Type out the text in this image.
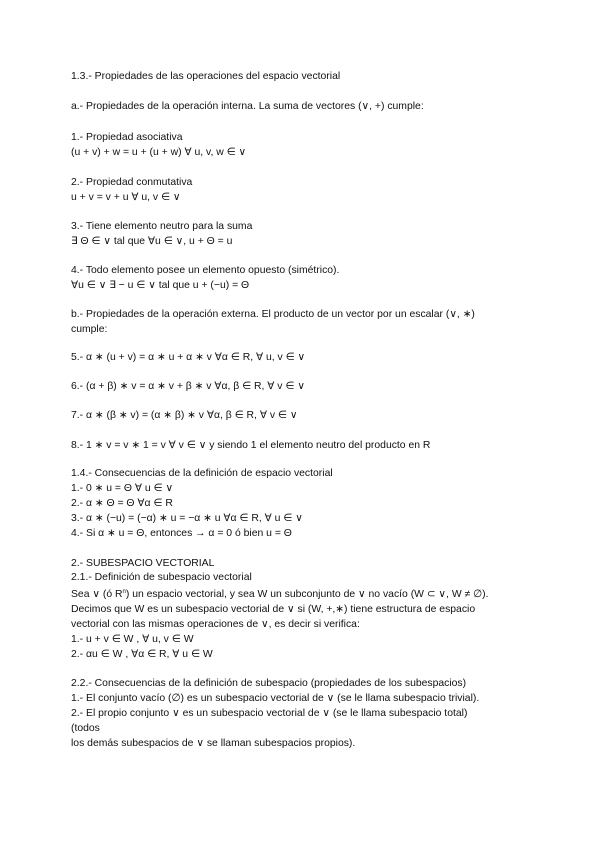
1.3.- Propiedades de las operaciones del espacio vectorial
a.- Propiedades de la operación interna. La suma de vectores (∨, +) cumple:
1.- Propiedad asociativa
(u + v) + w = u + (u + w) ∀ u, v, w ∈ ∨
2.- Propiedad conmutativa
u + v = v + u ∀ u, v ∈ ∨
3.- Tiene elemento neutro para la suma
∃ Θ ∈ ∨ tal que ∀u ∈ ∨, u + Θ = u
4.- Todo elemento posee un elemento opuesto (simétrico).
∀u ∈ ∨ ∃ − u ∈ ∨ tal que u + (−u) = Θ
b.- Propiedades de la operación externa. El producto de un vector por un escalar (∨, ∗)
cumple:
5.- α ∗ (u + v) = α ∗ u + α ∗ v ∀α ∈ R, ∀ u, v ∈ ∨
6.- (α + β) ∗ v = α ∗ v + β ∗ v ∀α, β ∈ R, ∀ v ∈ ∨
7.- α ∗ (β ∗ v) = (α ∗ β) ∗ v ∀α, β ∈ R, ∀ v ∈ ∨
8.- 1 ∗ v = v ∗ 1 = v ∀ v ∈ ∨ y siendo 1 el elemento neutro del producto en R
1.4.- Consecuencias de la definición de espacio vectorial
1.- 0 ∗ u = Θ ∀ u ∈ ∨
2.- α ∗ Θ = Θ ∀α ∈ R
3.- α ∗ (−u) = (−α) ∗ u = −α ∗ u ∀α ∈ R, ∀ u ∈ ∨
4.- Si α ∗ u = Θ, entonces → α = 0 ó bien u = Θ
2.- SUBESPACIO VECTORIAL
2.1.- Definición de subespacio vectorial
Sea ∨ (ó $R^n$) un espacio vectorial, y sea W un subconjunto de ∨ no vacío (W ⊂ ∨, W ≠ ∅).
Decimos que W es un subespacio vectorial de ∨ si (W, +,∗) tiene estructura de espacio
vectorial con las mismas operaciones de ∨, es decir si verifica:
1.- u + v ∈ W , ∀ u, v ∈ W
2.- αu ∈ W , ∀α ∈ R, ∀ u ∈ W
2.2.- Consecuencias de la definición de subespacio (propiedades de los subespacios)
1.- El conjunto vacío (∅) es un subespacio vectorial de ∨ (se le llama subespacio trivial).
2.- El propio conjunto ∨ es un subespacio vectorial de ∨ (se le llama subespacio total)
(todos
los demás subespacios de ∨ se llaman subespacios propios).
